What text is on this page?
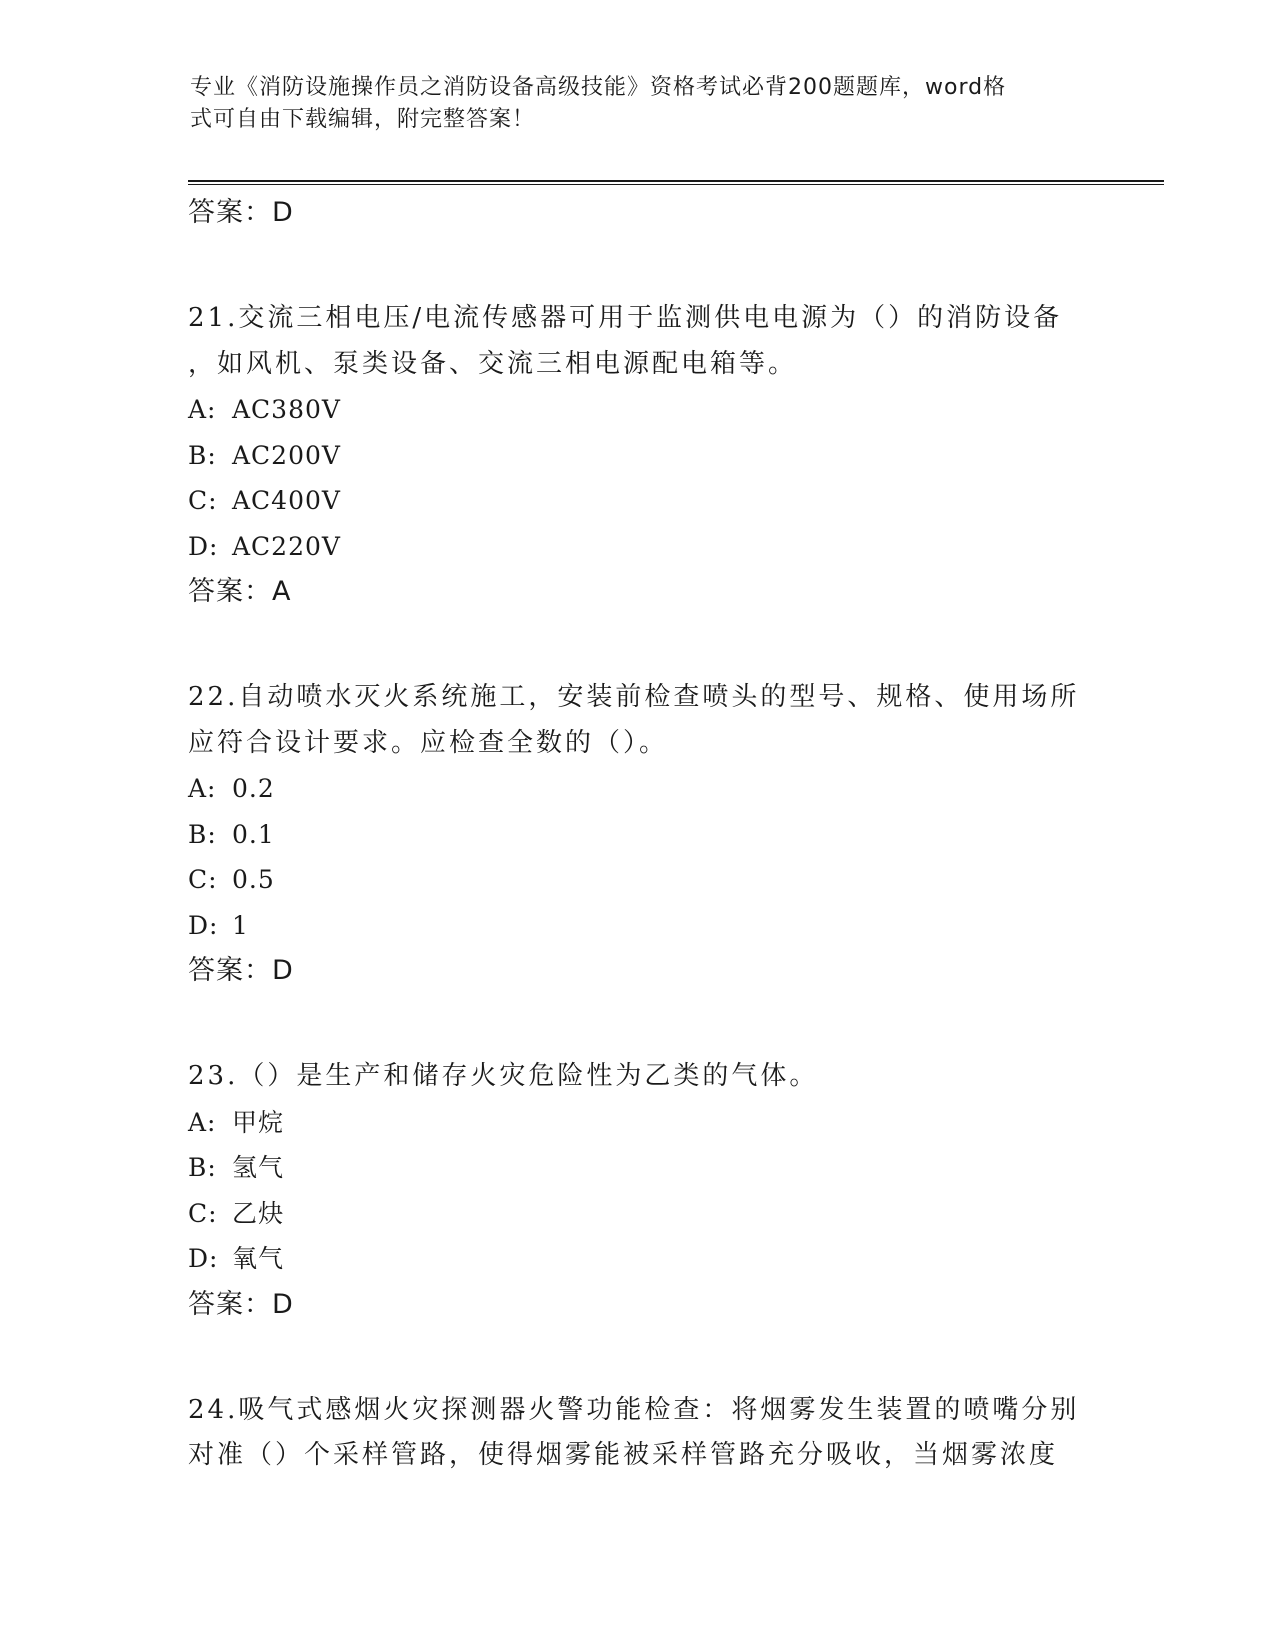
专业《消防设施操作员之消防设备高级技能》资格考试必背200题题库，word格
式可自由下载编辑，附完整答案！
答案：D
21.交流三相电压/电流传感器可用于监测供电电源为（）的消防设备
，如风机、泵类设备、交流三相电源配电箱等。
A: AC380V
B: AC200V
C: AC400V
D: AC220V
答案：A
22.自动喷水灭火系统施工，安装前检查喷头的型号、规格、使用场所
应符合设计要求。应检查全数的（）。
A: 0.2
B: 0.1
C: 0.5
D: 1
答案：D
23.（）是生产和储存火灾危险性为乙类的气体。
A: 甲烷
B: 氢气
C: 乙炔
D: 氧气
答案：D
24.吸气式感烟火灾探测器火警功能检查：将烟雾发生装置的喷嘴分别
对准（）个采样管路，使得烟雾能被采样管路充分吸收，当烟雾浓度
